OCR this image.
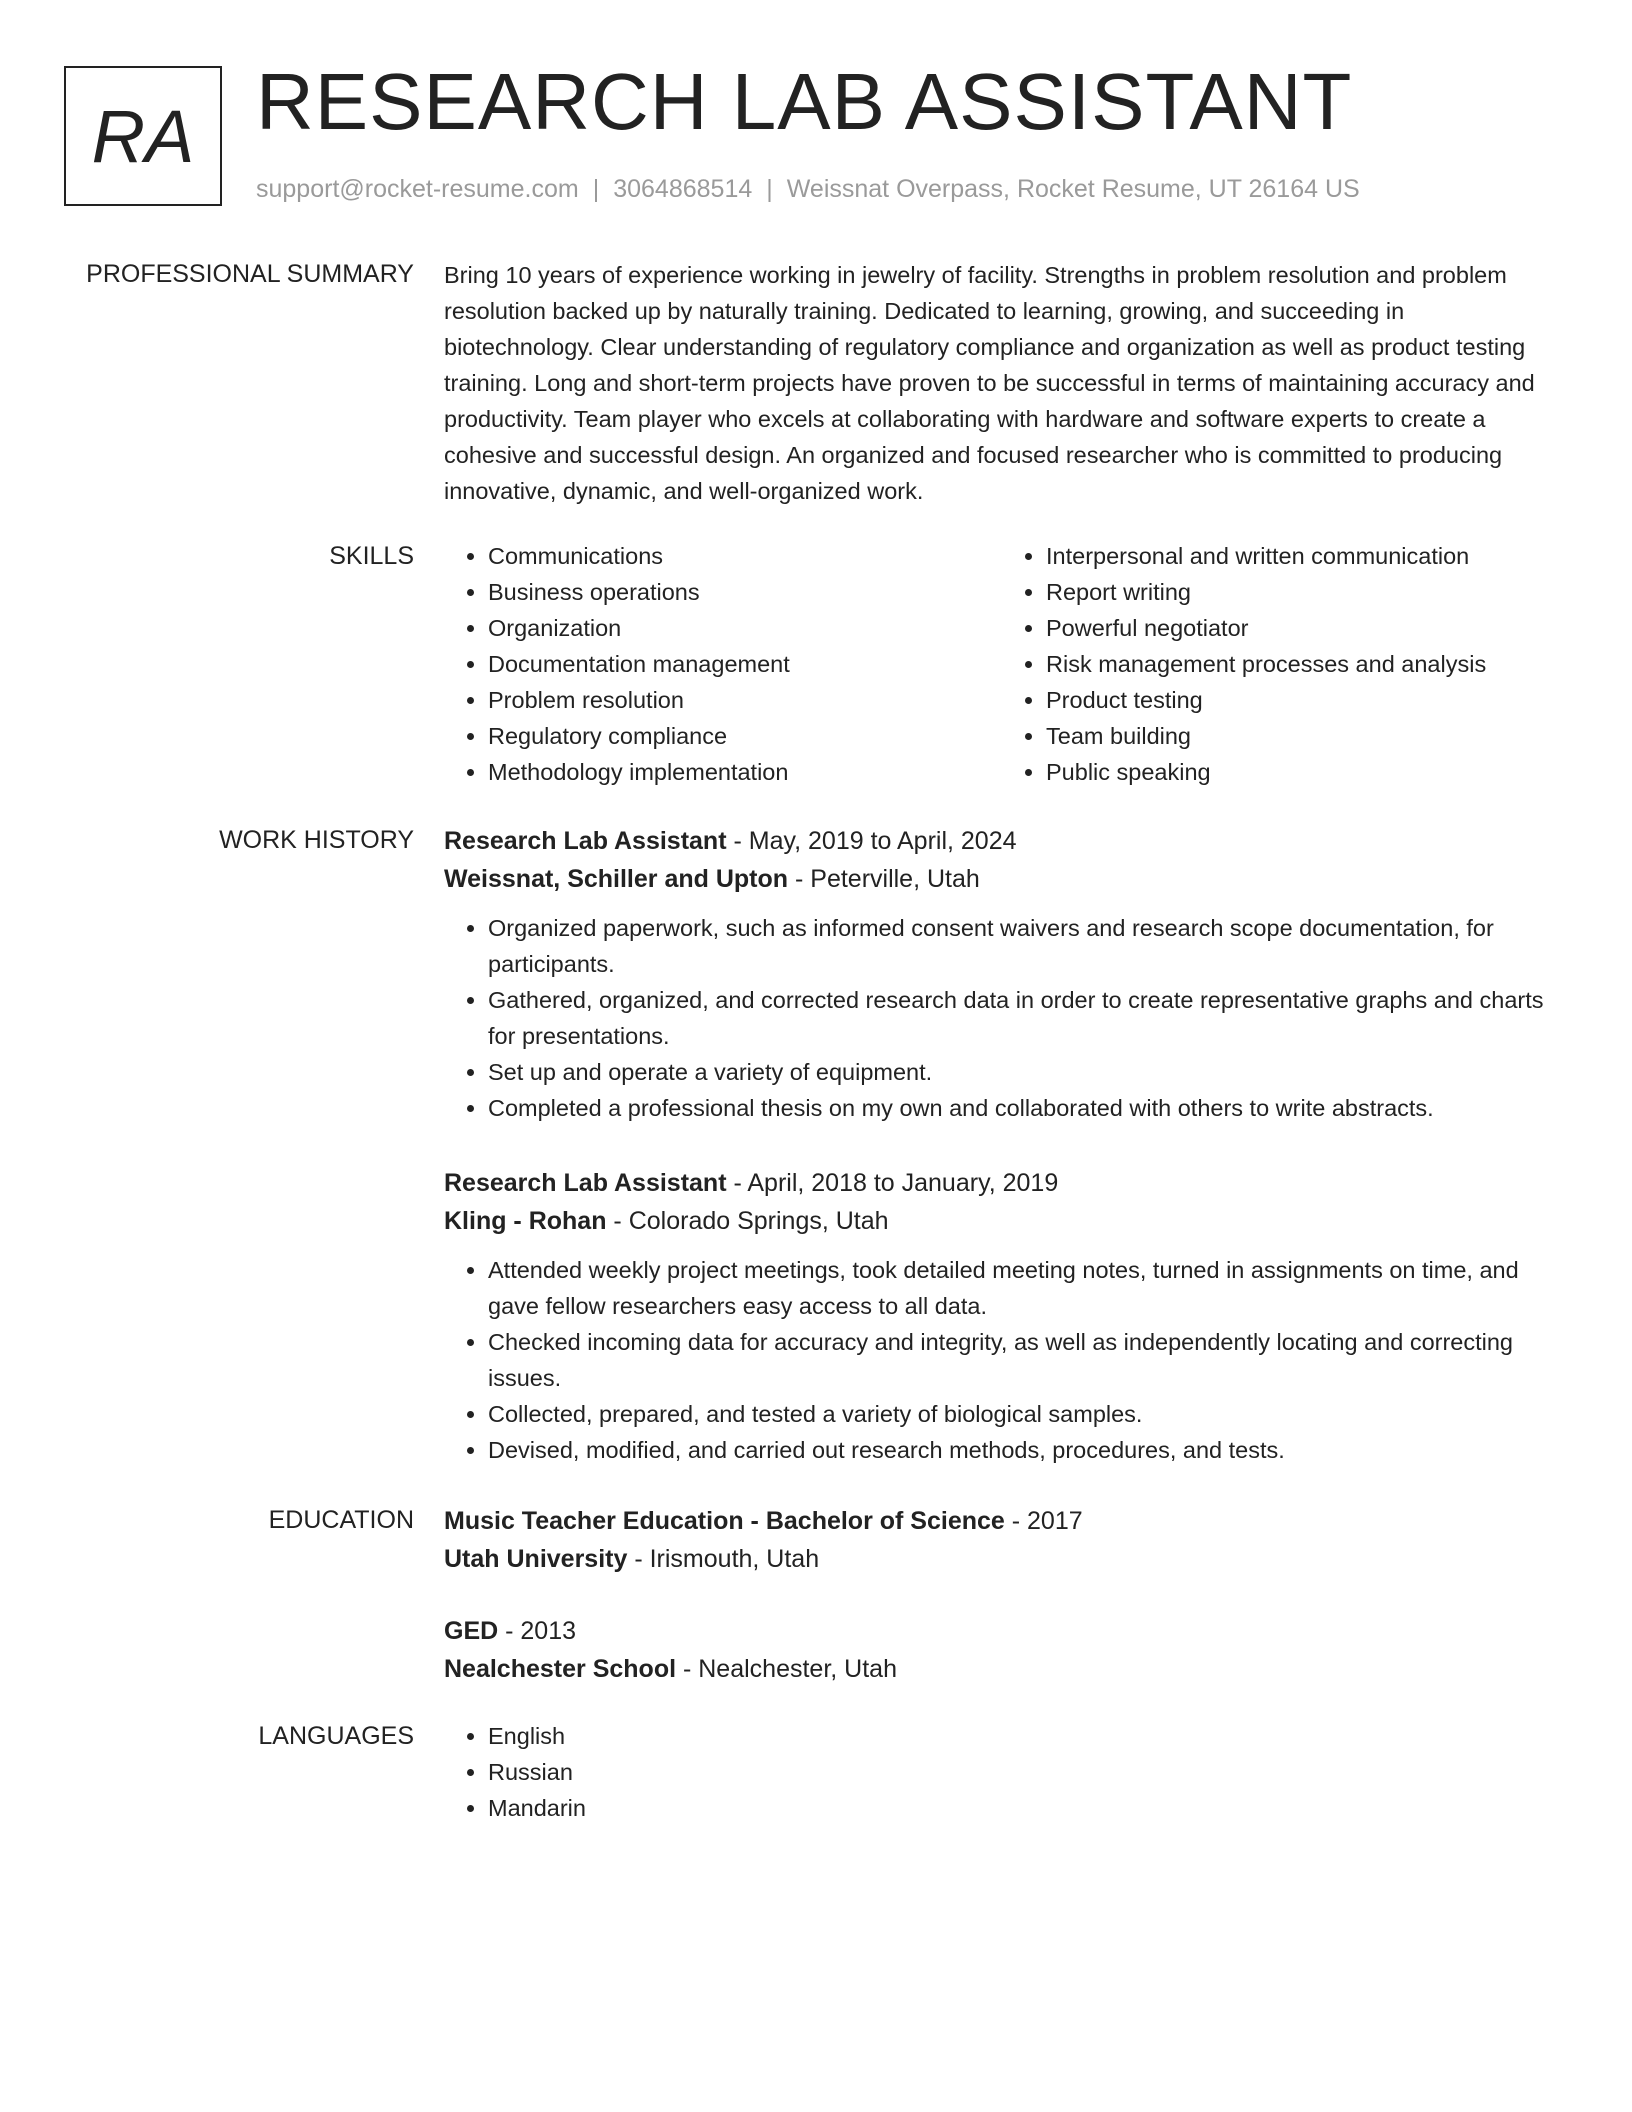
RA RESEARCH LAB ASSISTANT
support@rocket-resume.com | 3064868514 | Weissnat Overpass, Rocket Resume, UT 26164 US
PROFESSIONAL SUMMARY Bring 10 years of experience working in jewelry of facility. Strengths in problem resolution and problem resolution backed up by naturally training. Dedicated to learning, growing, and succeeding in biotechnology. Clear understanding of regulatory compliance and organization as well as product testing training. Long and short-term projects have proven to be successful in terms of maintaining accuracy and productivity. Team player who excels at collaborating with hardware and software experts to create a cohesive and successful design. An organized and focused researcher who is committed to producing innovative, dynamic, and well-organized work.
SKILLS	• Communications
• Business operations
• Organization
• Documentation management
• Problem resolution
• Regulatory compliance
• Methodology implementation
• Interpersonal and written communication
• Report writing
• Powerful negotiator
• Risk management processes and analysis
• Product testing
• Team building
• Public speaking
WORK HISTORY Research Lab Assistant - May, 2019 to April, 2024
Weissnat, Schiller and Upton - Peterville, Utah
• Organized paperwork, such as informed consent waivers and research scope documentation, for participants.
• Gathered, organized, and corrected research data in order to create representative graphs and charts for presentations.
• Set up and operate a variety of equipment.
• Completed a professional thesis on my own and collaborated with others to write abstracts.
Research Lab Assistant - April, 2018 to January, 2019
Kling - Rohan - Colorado Springs, Utah
• Attended weekly project meetings, took detailed meeting notes, turned in assignments on time, and gave fellow researchers easy access to all data.
• Checked incoming data for accuracy and integrity, as well as independently locating and correcting issues.
• Collected, prepared, and tested a variety of biological samples.
• Devised, modified, and carried out research methods, procedures, and tests.
EDUCATION Music Teacher Education - Bachelor of Science - 2017
Utah University - Irismouth, Utah
GED - 2013
Nealchester School - Nealchester, Utah
LANGUAGES	• English
• Russian
• Mandarin
